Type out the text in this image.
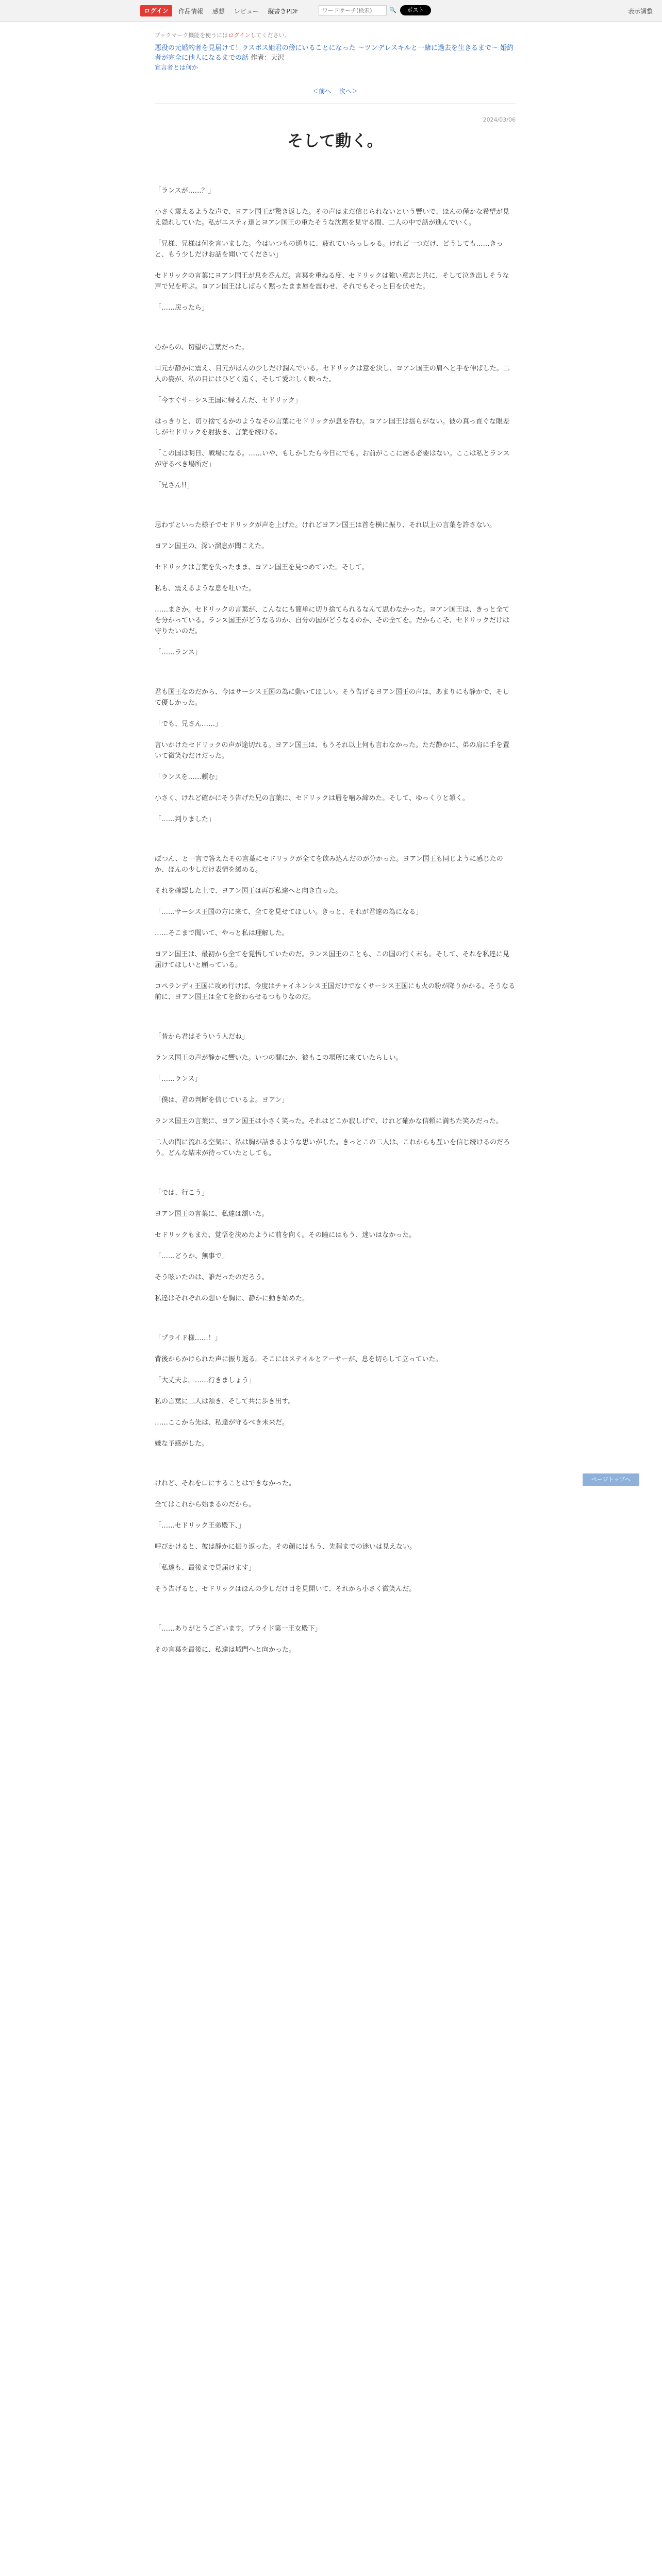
ログイン	作品情報 感想 レビュー 縦書きPDF
ワードサーチ(検索)	🔍	ポスト	表示調整
ブックマーク機能を使うにはログインしてください。
悪役の元婚約者を見届けて！ラスボス姫君の傍にいることになった ～ツンデレスキルと一緒に過去を生きるまで～ 婚約者が完全に他人になるまでの話 作者：天沢
宣言者とは何か
＜前へ 次へ＞
2024/03/06
そして動く。

「ランスが……？」

小さく震えるような声で、ヨアン国王が驚き返した。その声はまだ信じられないという響いで、ほんの僅かな希望が見え隠れしていた。私がエスティ達とヨアン国王の重たそうな沈黙を見守る間、二人の中で話が進んでいく。

「兄様、兄様は何を言いました。今はいつもの通りに、疲れていらっしゃる。けれど一つだけ、どうしても……きっと、もう少しだけお話を聞いてください」

セドリックの言葉にヨアン国王が息を呑んだ。言葉を重ねる度、セドリックは強い意志と共に、そして泣き出しそうな声で兄を呼ぶ。ヨアン国王はしばらく黙ったまま唇を震わせ、それでもそっと目を伏せた。

「……戻ったら」

心からの、切望の言葉だった。

口元が静かに震え、目元がほんの少しだけ潤んでいる。セドリックは意を決し、ヨアン国王の肩へと手を伸ばした。二人の姿が、私の目にはひどく遠く、そして愛おしく映った。

「今すぐサーシス王国に帰るんだ、セドリック」

はっきりと、切り捨てるかのようなその言葉にセドリックが息を呑む。ヨアン国王は揺らがない。彼の真っ直ぐな眼差しがセドリックを射抜き、言葉を続ける。

「この国は明日、戦場になる。……いや、もしかしたら今日にでも。お前がここに居る必要はない。ここは私とランスが守るべき場所だ」

「兄さん!!」

思わずといった様子でセドリックが声を上げた。けれどヨアン国王は首を横に振り、それ以上の言葉を許さない。

ヨアン国王の、深い溜息が聞こえた。

セドリックは言葉を失ったまま、ヨアン国王を見つめていた。そして。

私も、震えるような息を吐いた。

……まさか。セドリックの言葉が、こんなにも簡単に切り捨てられるなんて思わなかった。ヨアン国王は、きっと全てを分かっている。ランス国王がどうなるのか、自分の国がどうなるのか、その全てを。だからこそ、セドリックだけは守りたいのだ。

「……ランス」

君も国王なのだから、今はサーシス王国の為に動いてほしい。そう告げるヨアン国王の声は、あまりにも静かで、そして優しかった。

「でも、兄さん……」

言いかけたセドリックの声が途切れる。ヨアン国王は、もうそれ以上何も言わなかった。ただ静かに、弟の肩に手を置いて微笑むだけだった。

「ランスを……頼む」

小さく、けれど確かにそう告げた兄の言葉に、セドリックは唇を噛み締めた。そして、ゆっくりと頷く。

「……判りました」

ぽつん、と一言で答えたその言葉にセドリックが全てを飲み込んだのが分かった。ヨアン国王も同じように感じたのか、ほんの少しだけ表情を緩める。

それを確認した上で、ヨアン国王は再び私達へと向き直った。

「……サーシス王国の方に来て、全てを見せてほしい。きっと、それが君達の為になる」

……そこまで聞いて、やっと私は理解した。

ヨアン国王は、最初から全てを覚悟していたのだ。ランス国王のことも、この国の行く末も。そして、それを私達に見届けてほしいと願っている。

コペランディ王国に攻め行けば、今度はチャイネンシス王国だけでなくサーシス王国にも火の粉が降りかかる。そうなる前に、ヨアン国王は全てを終わらせるつもりなのだ。

「昔から君はそういう人だね」

ランス国王の声が静かに響いた。いつの間にか、彼もこの場所に来ていたらしい。

「……ランス」

「僕は、君の判断を信じているよ。ヨアン」

ランス国王の言葉に、ヨアン国王は小さく笑った。それはどこか寂しげで、けれど確かな信頼に満ちた笑みだった。

二人の間に流れる空気に、私は胸が詰まるような思いがした。きっとこの二人は、これからも互いを信じ続けるのだろう。どんな結末が待っていたとしても。

「では、行こう」

ヨアン国王の言葉に、私達は頷いた。

セドリックもまた、覚悟を決めたように前を向く。その瞳にはもう、迷いはなかった。

「……どうか、無事で」

そう呟いたのは、誰だったのだろう。

私達はそれぞれの想いを胸に、静かに動き始めた。

「プライド様……！」

背後からかけられた声に振り返る。そこにはステイルとアーサーが、息を切らして立っていた。

「大丈夫よ。……行きましょう」

私の言葉に二人は頷き、そして共に歩き出す。

……ここから先は、私達が守るべき未来だ。

嫌な予感がした。

けれど、それを口にすることはできなかった。

全てはこれから始まるのだから。

「……セドリック王弟殿下、」

呼びかけると、彼は静かに振り返った。その顔にはもう、先程までの迷いは見えない。

「私達も、最後まで見届けます」

そう告げると、セドリックはほんの少しだけ目を見開いて、それから小さく微笑んだ。

「……ありがとうございます。プライド第一王女殿下」

その言葉を最後に、私達は城門へと向かった。

ページトップへ
